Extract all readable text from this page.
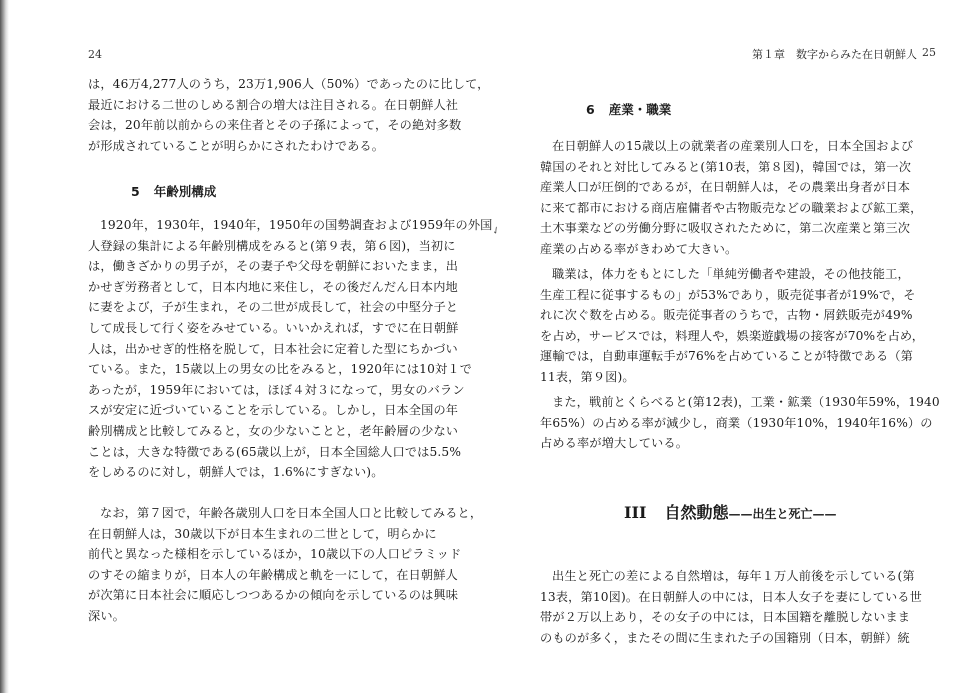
✓
24
は，46万4,277人のうち，23万1,906人（50%）であったのに比して，
最近における二世のしめる割合の増大は注目される。在日朝鮮人社
会は，20年前以前からの来住者とその子孫によって，その絶対多数
が形成されていることが明らかにされたわけである。
5 年齢別構成
1920年，1930年，1940年，1950年の国勢調査および1959年の外国
人登録の集計による年齢別構成をみると(第９表，第６図)，当初に
は，働きざかりの男子が，その妻子や父母を朝鮮においたまま，出
かせぎ労務者として，日本内地に来住し，その後だんだん日本内地
に妻をよび，子が生まれ，その二世が成長して，社会の中堅分子と
して成長して行く姿をみせている。いいかえれば，すでに在日朝鮮
人は，出かせぎ的性格を脱して，日本社会に定着した型にちかづい
ている。また，15歳以上の男女の比をみると，1920年には10対１で
あったが，1959年においては，ほぼ４対３になって，男女のバラン
スが安定に近づいていることを示している。しかし，日本全国の年
齢別構成と比較してみると，女の少ないことと，老年齢層の少ない
ことは，大きな特徴である(65歳以上が，日本全国総人口では5.5%
をしめるのに対し，朝鮮人では，1.6%にすぎない)。
なお，第７図で，年齢各歳別人口を日本全国人口と比較してみると，
在日朝鮮人は，30歳以下が日本生まれの二世として，明らかに
前代と異なった様相を示しているほか，10歳以下の人口ピラミッド
のすその縮まりが，日本人の年齢構成と軌を一にして，在日朝鮮人
が次第に日本社会に順応しつつあるかの傾向を示しているのは興味
深い。
第１章　数字からみた在日朝鮮人 25
6 産業・職業
在日朝鮮人の15歳以上の就業者の産業別人口を，日本全国および
韓国のそれと対比してみると(第10表，第８図)，韓国では，第一次
産業人口が圧倒的であるが，在日朝鮮人は，その農業出身者が日本
に来て都市における商店雇傭者や古物販売などの職業および鉱工業，
土木事業などの労働分野に吸収されたために，第二次産業と第三次
産業の占める率がきわめて大きい。
職業は，体力をもとにした「単純労働者や建設，その他技能工，
生産工程に従事するもの」が53%であり，販売従事者が19%で，そ
れに次ぐ数を占める。販売従事者のうちで，古物・屑鉄販売が49%
を占め，サービスでは，料理人や，娯楽遊戯場の接客が70%を占め，
運輸では，自動車運転手が76%を占めていることが特徴である（第
11表，第９図)。
また，戦前とくらべると(第12表)，工業・鉱業（1930年59%，1940
年65%）の占める率が減少し，商業（1930年10%，1940年16%）の
占める率が増大している。
III 自然動態——出生と死亡——
出生と死亡の差による自然増は，毎年１万人前後を示している(第
13表，第10図)。在日朝鮮人の中には，日本人女子を妻にしている世
帯が２万以上あり，その女子の中には，日本国籍を離脱しないまま
のものが多く，またその間に生まれた子の国籍別（日本，朝鮮）統
